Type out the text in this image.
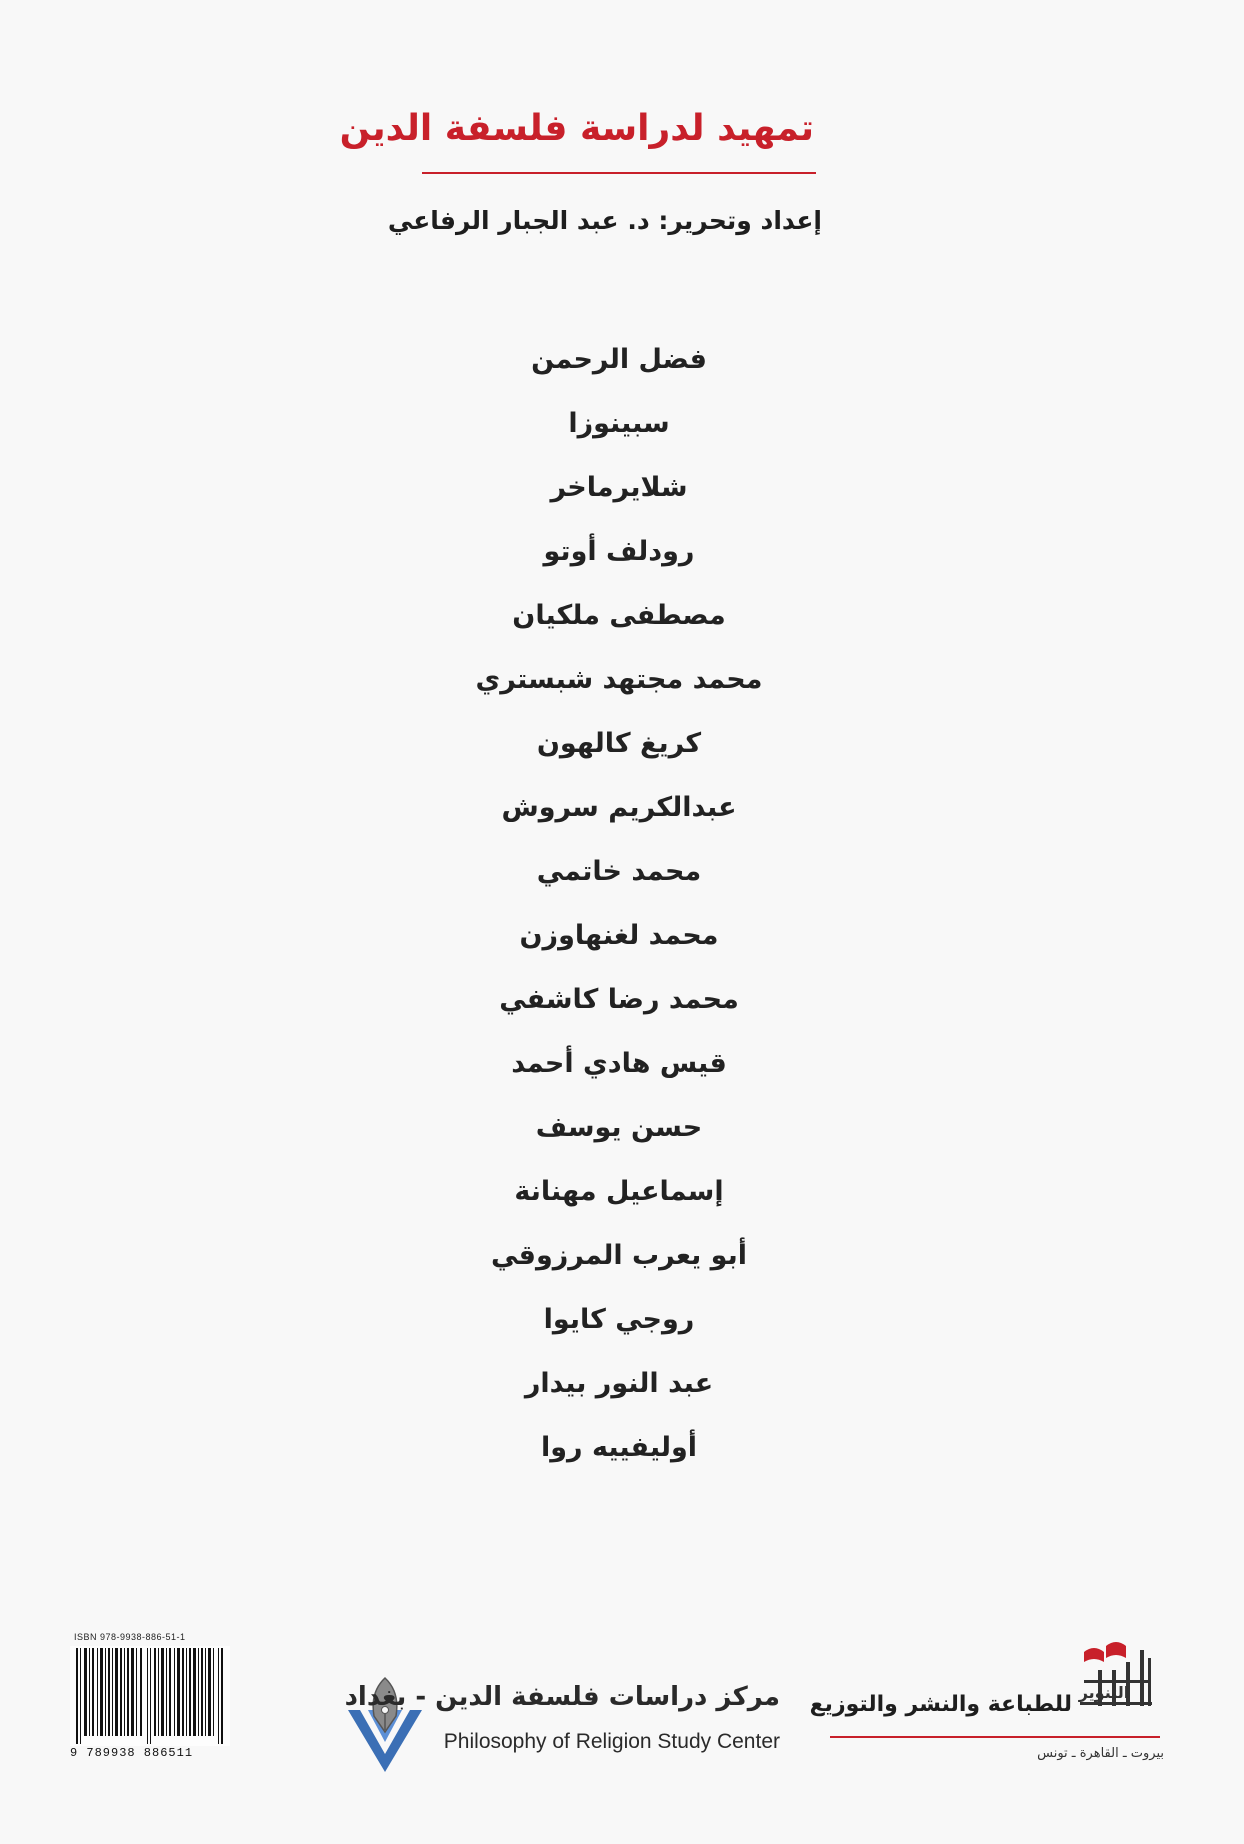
تمهيد لدراسة فلسفة الدين
إعداد وتحرير: د. عبد الجبار الرفاعي
فضل الرحمن
سبينوزا
شلايرماخر
رودلف أوتو
مصطفى ملكيان
محمد مجتهد شبستري
كريغ كالهون
عبدالكريم سروش
محمد خاتمي
محمد لغنهاوزن
محمد رضا كاشفي
قيس هادي أحمد
حسن يوسف
إسماعيل مهنانة
أبو يعرب المرزوقي
روجي كايوا
عبد النور بيدار
أوليفييه روا
التنوير
للطباعة والنشر والتوزيع
بيروت ـ القاهرة ـ تونس
مركز دراسات فلسفة الدين - بغداد
Philosophy of Religion Study Center
ISBN 978-9938-886-51-1
9 789938 886511
